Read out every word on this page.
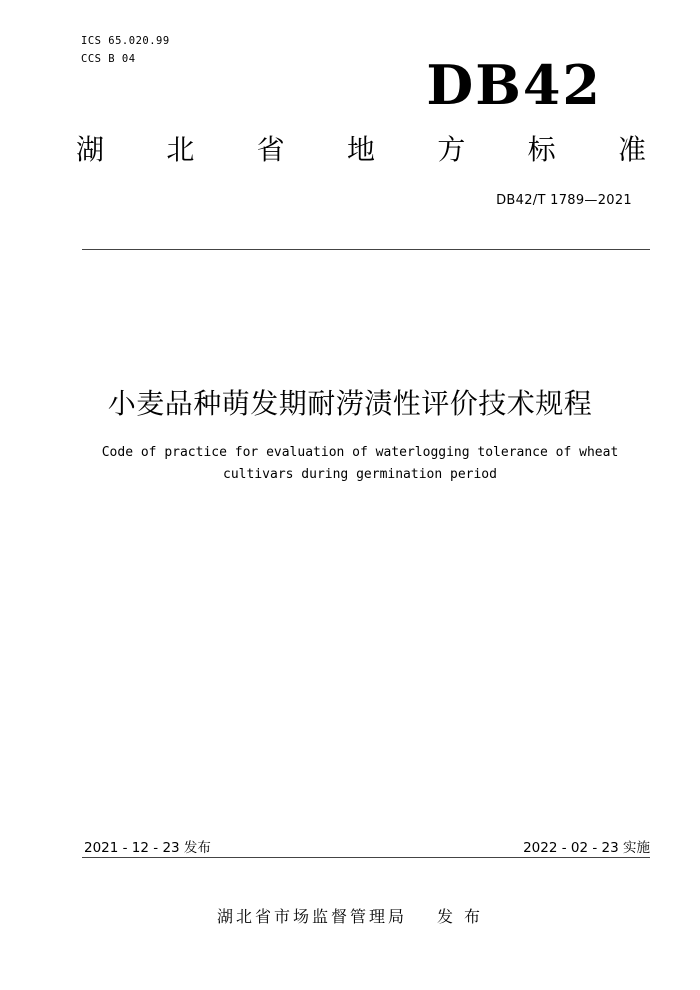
ICS 65.020.99
CCS B 04	DB42
湖 北 省 地 方 标 准
DB42/T 1789—2021
小麦品种萌发期耐涝渍性评价技术规程
Code of practice for evaluation of waterlogging tolerance of wheat
cultivars during germination period
2021 - 12 - 23 发布	2022 - 02 - 23 实施
湖北省市场监督管理局 发 布
